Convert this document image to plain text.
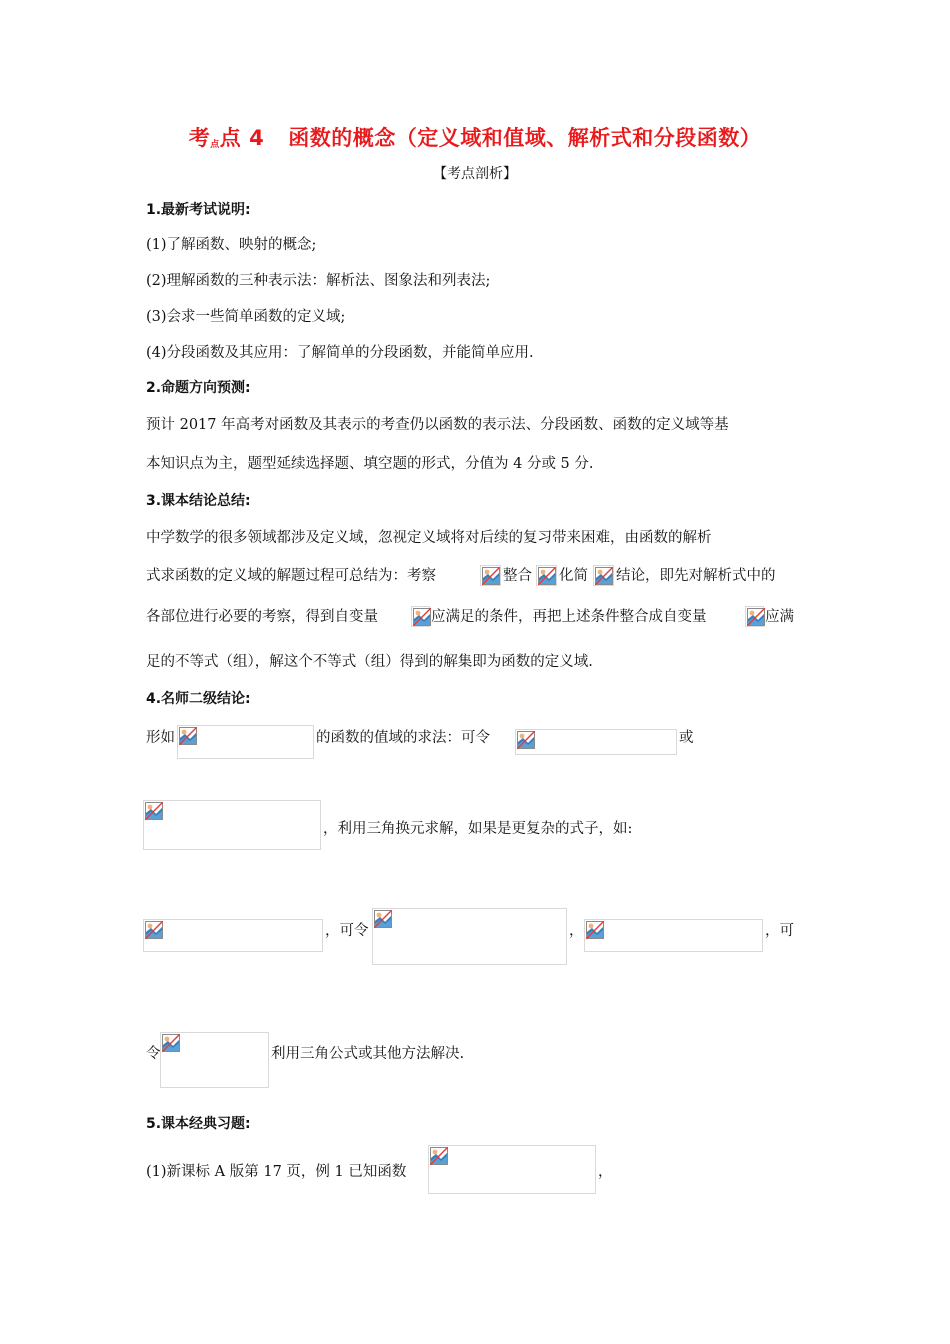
考点点 4 函数的概念（定义域和值域、解析式和分段函数）
【考点剖析】
1.最新考试说明:
(1)了解函数、映射的概念;
(2)理解函数的三种表示法：解析法、图象法和列表法;
(3)会求一些简单函数的定义域;
(4)分段函数及其应用：了解简单的分段函数，并能简单应用.
2.命题方向预测:
预计 2017 年高考对函数及其表示的考查仍以函数的表示法、分段函数、函数的定义域等基
本知识点为主，题型延续选择题、填空题的形式，分值为 4 分或 5 分.
3.课本结论总结:
中学数学的很多领域都涉及定义域，忽视定义域将对后续的复习带来困难，由函数的解析
式求函数的定义域的解题过程可总结为：考察	整合 化简 结论，即先对解析式中的
各部位进行必要的考察，得到自变量	应满足的条件，再把上述条件整合成自变量	应满
足的不等式（组），解这个不等式（组）得到的解集即为函数的定义域.
4.名师二级结论:
形如	的函数的值域的求法：可令	或
，利用三角换元求解，如果是更复杂的式子，如:
，可令	，	，可
令	利用三角公式或其他方法解决.
5.课本经典习题:
(1)新课标 A 版第 17 页，例 1 已知函数	，
